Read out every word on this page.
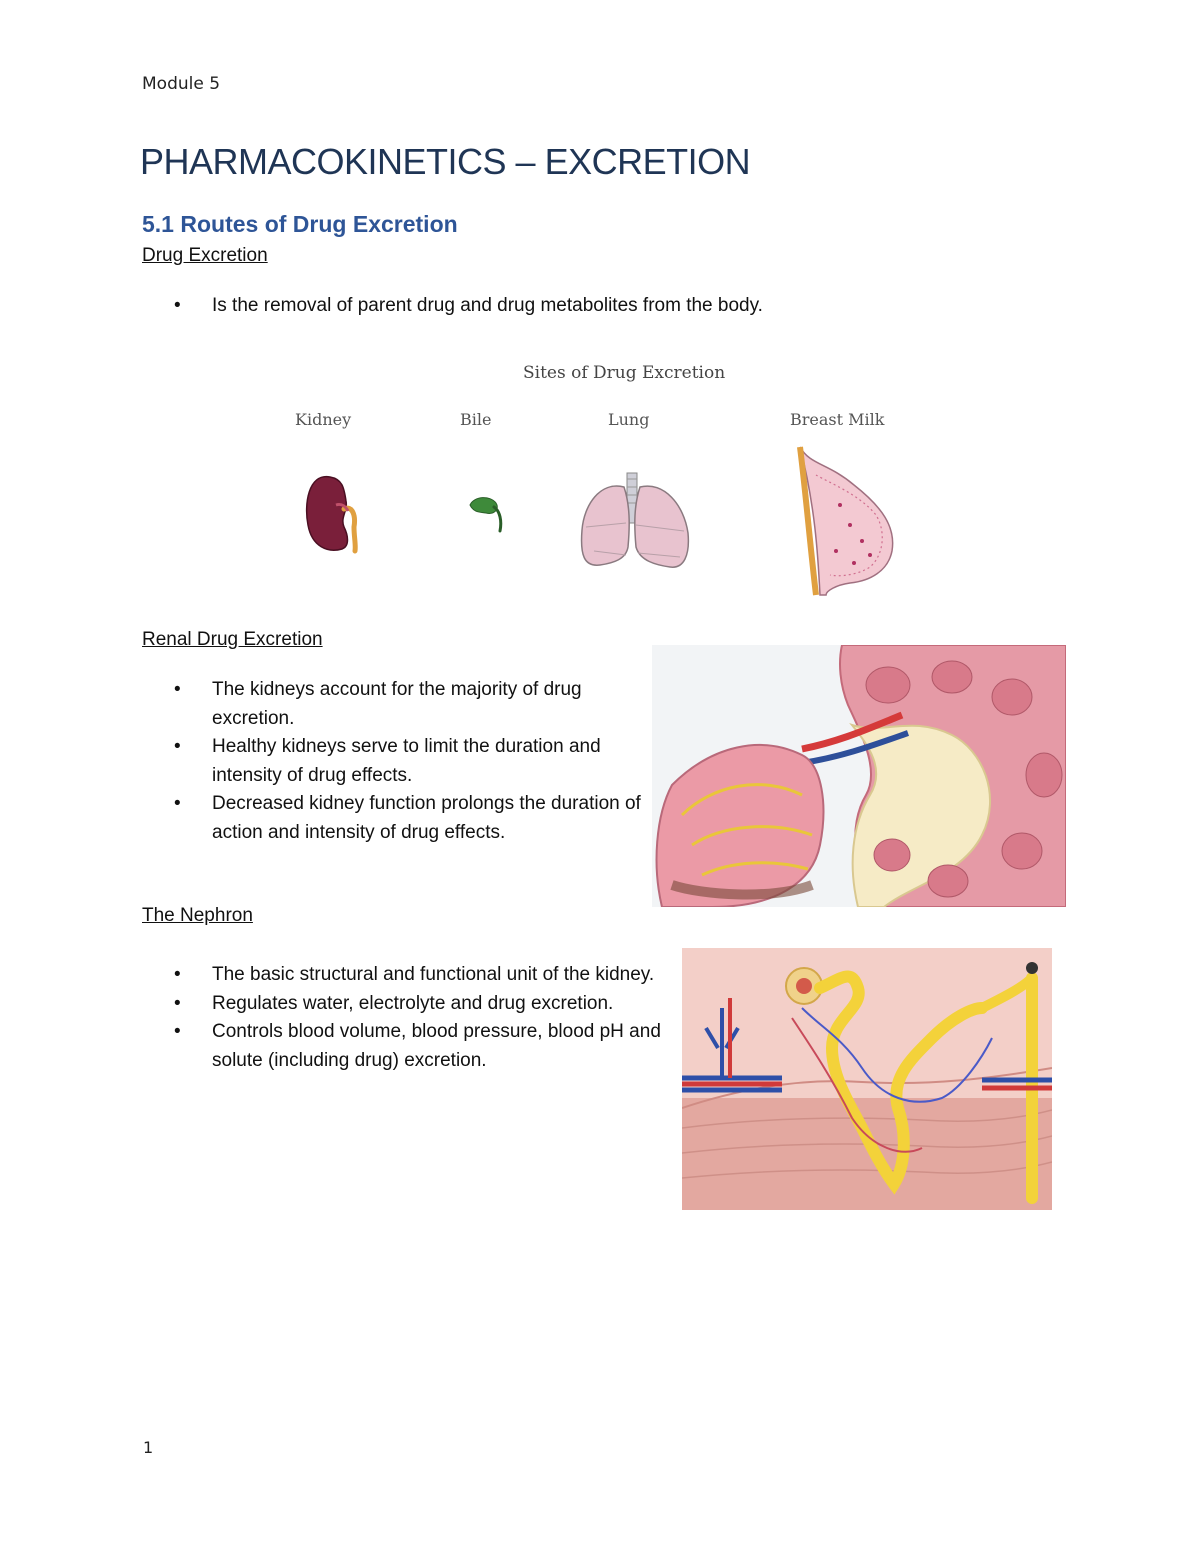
Module 5
PHARMACOKINETICS – EXCRETION
5.1 Routes of Drug Excretion
Drug Excretion
• Is the removal of parent drug and drug metabolites from the body.
Sites of Drug Excretion
Kidney	Bile	Lung	Breast Milk
Renal Drug Excretion
• The kidneys account for the majority of drug excretion.
• Healthy kidneys serve to limit the duration and intensity of drug effects.
• Decreased kidney function prolongs the duration of action and intensity of drug effects.
The Nephron
• The basic structural and functional unit of the kidney.
• Regulates water, electrolyte and drug excretion.
• Controls blood volume, blood pressure, blood pH and solute (including drug) excretion.
1
